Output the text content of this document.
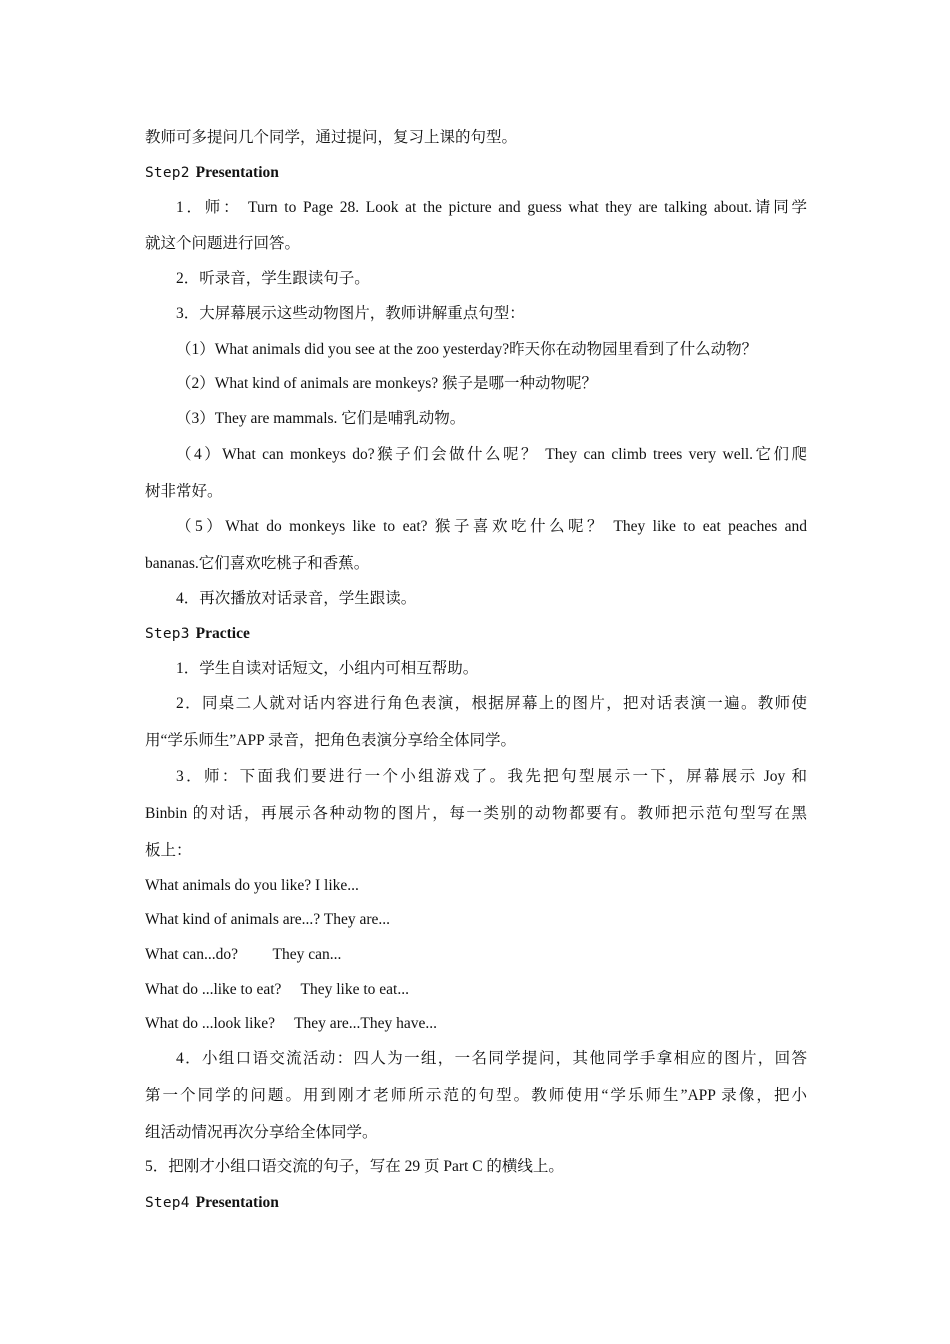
教师可多提问几个同学，通过提问，复习上课的句型。
Step2 Presentation
1．师： Turn to Page 28. Look at the picture and guess what they are talking about.请同学
就这个问题进行回答。
2．听录音，学生跟读句子。
3．大屏幕展示这些动物图片，教师讲解重点句型：
（1）What animals did you see at the zoo yesterday?昨天你在动物园里看到了什么动物？
（2）What kind of animals are monkeys? 猴子是哪一种动物呢？
（3）They are mammals. 它们是哺乳动物。
（4）What can monkeys do?猴子们会做什么呢？ They can climb trees very well.它们爬
树非常好。
（5）What do monkeys like to eat? 猴子喜欢吃什么呢？ They like to eat peaches and
bananas.它们喜欢吃桃子和香蕉。
4．再次播放对话录音，学生跟读。
Step3 Practice
1．学生自读对话短文，小组内可相互帮助。
2．同桌二人就对话内容进行角色表演，根据屏幕上的图片，把对话表演一遍。教师使
用“学乐师生”APP 录音，把角色表演分享给全体同学。
3．师：下面我们要进行一个小组游戏了。我先把句型展示一下，屏幕展示 Joy 和
Binbin 的对话，再展示各种动物的图片，每一类别的动物都要有。教师把示范句型写在黑
板上：
What animals do you like? I like...
What kind of animals are...? They are...
What can...do?         They can...
What do ...like to eat?     They like to eat...
What do ...look like?     They are...They have...
4．小组口语交流活动：四人为一组，一名同学提问，其他同学手拿相应的图片，回答
第一个同学的问题。用到刚才老师所示范的句型。教师使用“学乐师生”APP 录像，把小
组活动情况再次分享给全体同学。
5．把刚才小组口语交流的句子，写在 29 页 Part C 的横线上。
Step4 Presentation
